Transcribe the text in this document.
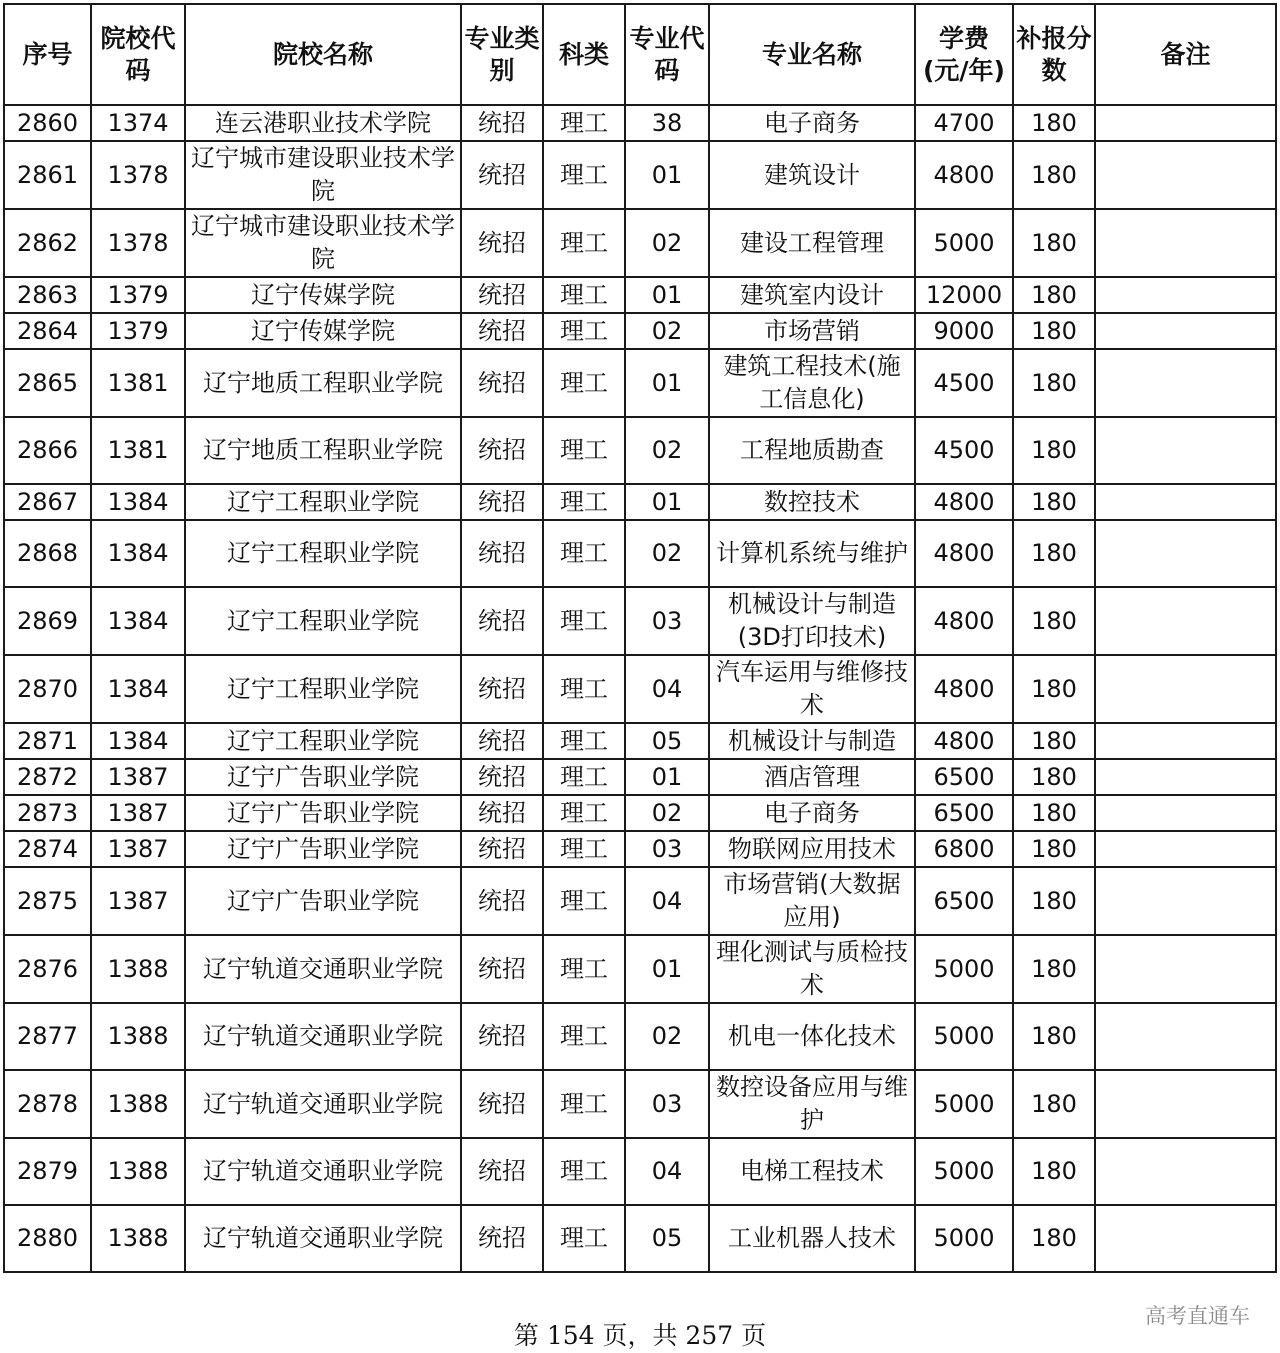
序号	院校代码	院校名称	专业类别	科类	专业代码	专业名称	学费(元/年)	补报分数	备注
2860	1374	连云港职业技术学院	统招	理工	38	电子商务	4700	180	
2861	1378	辽宁城市建设职业技术学院	统招	理工	01	建筑设计	4800	180	
2862	1378	辽宁城市建设职业技术学院	统招	理工	02	建设工程管理	5000	180	
2863	1379	辽宁传媒学院	统招	理工	01	建筑室内设计	12000	180	
2864	1379	辽宁传媒学院	统招	理工	02	市场营销	9000	180	
2865	1381	辽宁地质工程职业学院	统招	理工	01	建筑工程技术(施工信息化)	4500	180	
2866	1381	辽宁地质工程职业学院	统招	理工	02	工程地质勘查	4500	180	
2867	1384	辽宁工程职业学院	统招	理工	01	数控技术	4800	180	
2868	1384	辽宁工程职业学院	统招	理工	02	计算机系统与维护	4800	180	
2869	1384	辽宁工程职业学院	统招	理工	03	机械设计与制造(3D打印技术)	4800	180	
2870	1384	辽宁工程职业学院	统招	理工	04	汽车运用与维修技术	4800	180	
2871	1384	辽宁工程职业学院	统招	理工	05	机械设计与制造	4800	180	
2872	1387	辽宁广告职业学院	统招	理工	01	酒店管理	6500	180	
2873	1387	辽宁广告职业学院	统招	理工	02	电子商务	6500	180	
2874	1387	辽宁广告职业学院	统招	理工	03	物联网应用技术	6800	180	
2875	1387	辽宁广告职业学院	统招	理工	04	市场营销(大数据应用)	6500	180	
2876	1388	辽宁轨道交通职业学院	统招	理工	01	理化测试与质检技术	5000	180	
2877	1388	辽宁轨道交通职业学院	统招	理工	02	机电一体化技术	5000	180	
2878	1388	辽宁轨道交通职业学院	统招	理工	03	数控设备应用与维护	5000	180	
2879	1388	辽宁轨道交通职业学院	统招	理工	04	电梯工程技术	5000	180	
2880	1388	辽宁轨道交通职业学院	统招	理工	05	工业机器人技术	5000	180	
第 154 页，共 257 页
高考直通车
